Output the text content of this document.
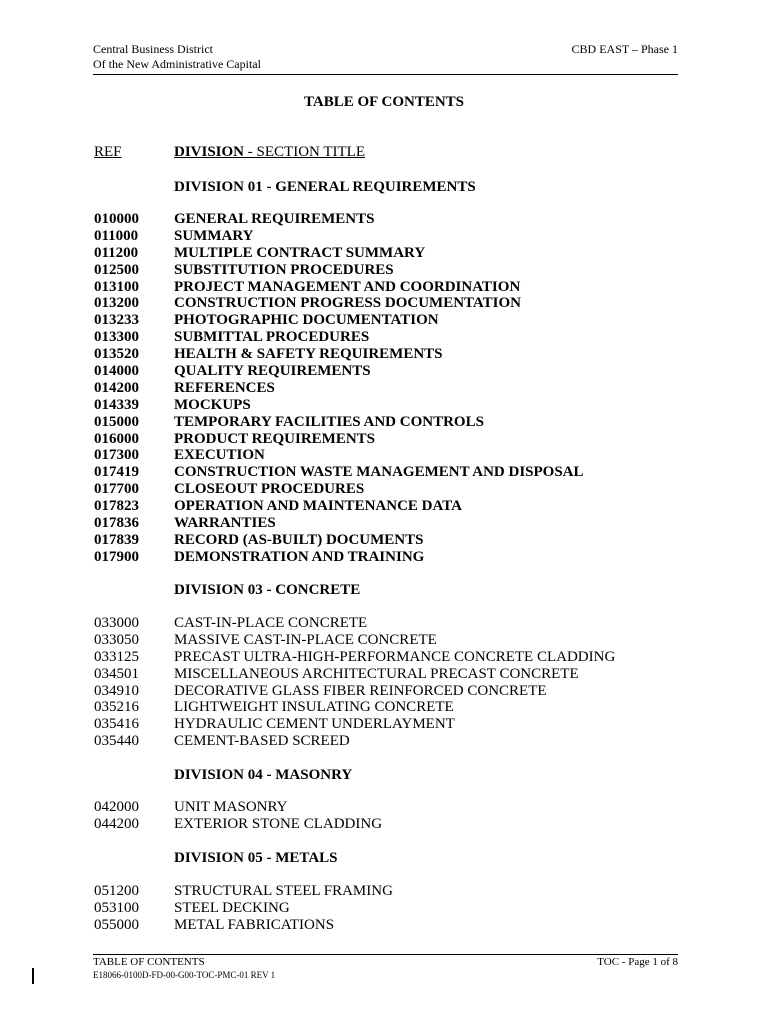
Central Business District
Of the New Administrative Capital
CBD EAST – Phase 1
TABLE OF CONTENTS
REF	DIVISION - SECTION TITLE
DIVISION 01 - GENERAL REQUIREMENTS
010000 GENERAL REQUIREMENTS
011000 SUMMARY
011200 MULTIPLE CONTRACT SUMMARY
012500 SUBSTITUTION PROCEDURES
013100 PROJECT MANAGEMENT AND COORDINATION
013200 CONSTRUCTION PROGRESS DOCUMENTATION
013233 PHOTOGRAPHIC DOCUMENTATION
013300 SUBMITTAL PROCEDURES
013520 HEALTH & SAFETY REQUIREMENTS
014000 QUALITY REQUIREMENTS
014200 REFERENCES
014339 MOCKUPS
015000 TEMPORARY FACILITIES AND CONTROLS
016000 PRODUCT REQUIREMENTS
017300 EXECUTION
017419 CONSTRUCTION WASTE MANAGEMENT AND DISPOSAL
017700 CLOSEOUT PROCEDURES
017823 OPERATION AND MAINTENANCE DATA
017836 WARRANTIES
017839 RECORD (AS-BUILT) DOCUMENTS
017900 DEMONSTRATION AND TRAINING
DIVISION 03 - CONCRETE
033000 CAST-IN-PLACE CONCRETE
033050 MASSIVE CAST-IN-PLACE CONCRETE
033125 PRECAST ULTRA-HIGH-PERFORMANCE CONCRETE CLADDING
034501 MISCELLANEOUS ARCHITECTURAL PRECAST CONCRETE
034910 DECORATIVE GLASS FIBER REINFORCED CONCRETE
035216 LIGHTWEIGHT INSULATING CONCRETE
035416 HYDRAULIC CEMENT UNDERLAYMENT
035440 CEMENT-BASED SCREED
DIVISION 04 - MASONRY
042000 UNIT MASONRY
044200 EXTERIOR STONE CLADDING
DIVISION 05 - METALS
051200 STRUCTURAL STEEL FRAMING
053100 STEEL DECKING
055000 METAL FABRICATIONS
TABLE OF CONTENTS
E18066-0100D-FD-00-G00-TOC-PMC-01 REV 1
TOC - Page 1 of 8
